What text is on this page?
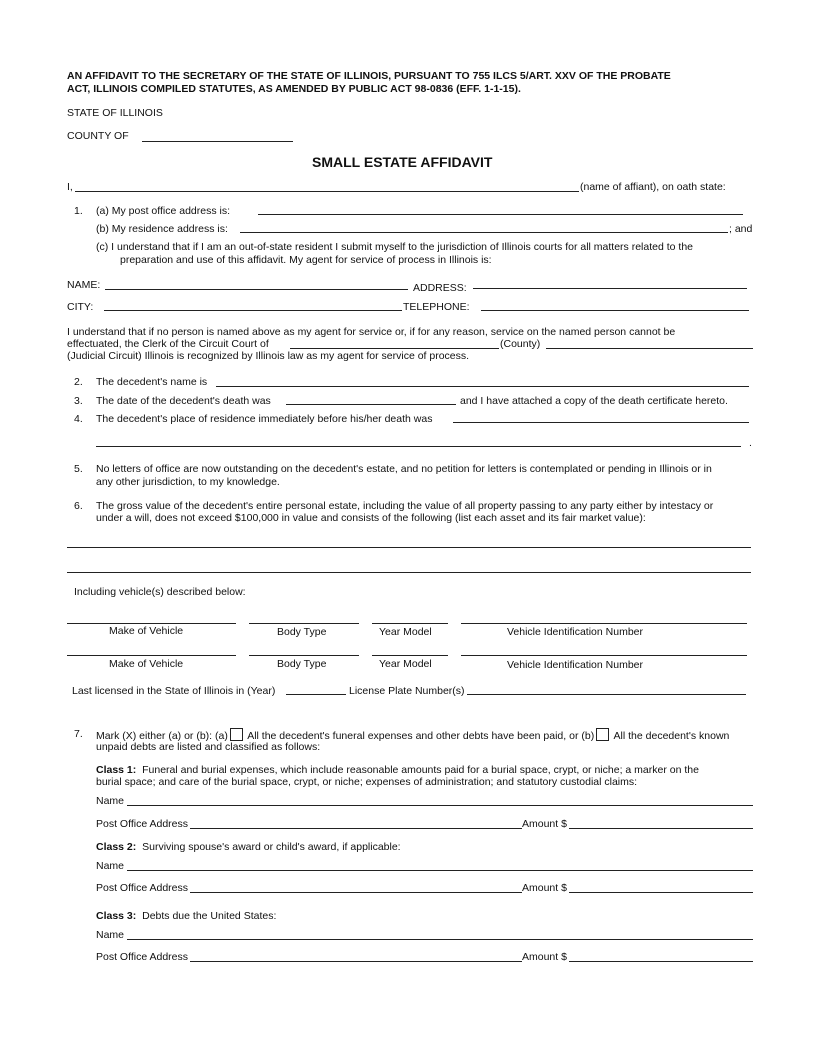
AN AFFIDAVIT TO THE SECRETARY OF THE STATE OF ILLINOIS, PURSUANT TO 755 ILCS 5/ART. XXV OF THE PROBATE
ACT, ILLINOIS COMPILED STATUTES, AS AMENDED BY PUBLIC ACT 98-0836 (EFF. 1-1-15).
STATE OF ILLINOIS
COUNTY OF
SMALL ESTATE AFFIDAVIT
I,	(name of affiant), on oath state:
1. (a) My post office address is:
(b) My residence address is:	; and
(c) I understand that if I am an out-of-state resident I submit myself to the jurisdiction of Illinois courts for all matters related to the
preparation and use of this affidavit. My agent for service of process in Illinois is:
NAME:	ADDRESS:
CITY:	TELEPHONE:
I understand that if no person is named above as my agent for service or, if for any reason, service on the named person cannot be
effectuated, the Clerk of the Circuit Court of	(County)
(Judicial Circuit) Illinois is recognized by Illinois law as my agent for service of process.
2. The decedent's name is
3. The date of the decedent's death was	and I have attached a copy of the death certificate hereto.
4. The decedent's place of residence immediately before his/her death was
.
5. No letters of office are now outstanding on the decedent's estate, and no petition for letters is contemplated or pending in Illinois or in
any other jurisdiction, to my knowledge.
6. The gross value of the decedent's entire personal estate, including the value of all property passing to any party either by intestacy or
under a will, does not exceed $100,000 in value and consists of the following (list each asset and its fair market value):
Including vehicle(s) described below:
Make of Vehicle	Body Type	Year Model	Vehicle Identification Number
Make of Vehicle	Body Type	Year Model	Vehicle Identification Number
Last licensed in the State of Illinois in (Year)	License Plate Number(s)
7. Mark (X) either (a) or (b): (a) All the decedent's funeral expenses and other debts have been paid, or (b) All the decedent's known
unpaid debts are listed and classified as follows:
Class 1: Funeral and burial expenses, which include reasonable amounts paid for a burial space, crypt, or niche; a marker on the
burial space; and care of the burial space, crypt, or niche; expenses of administration; and statutory custodial claims:
Name
Post Office Address	Amount $
Class 2: Surviving spouse's award or child's award, if applicable:
Name
Post Office Address	Amount $
Class 3: Debts due the United States:
Name
Post Office Address	Amount $
